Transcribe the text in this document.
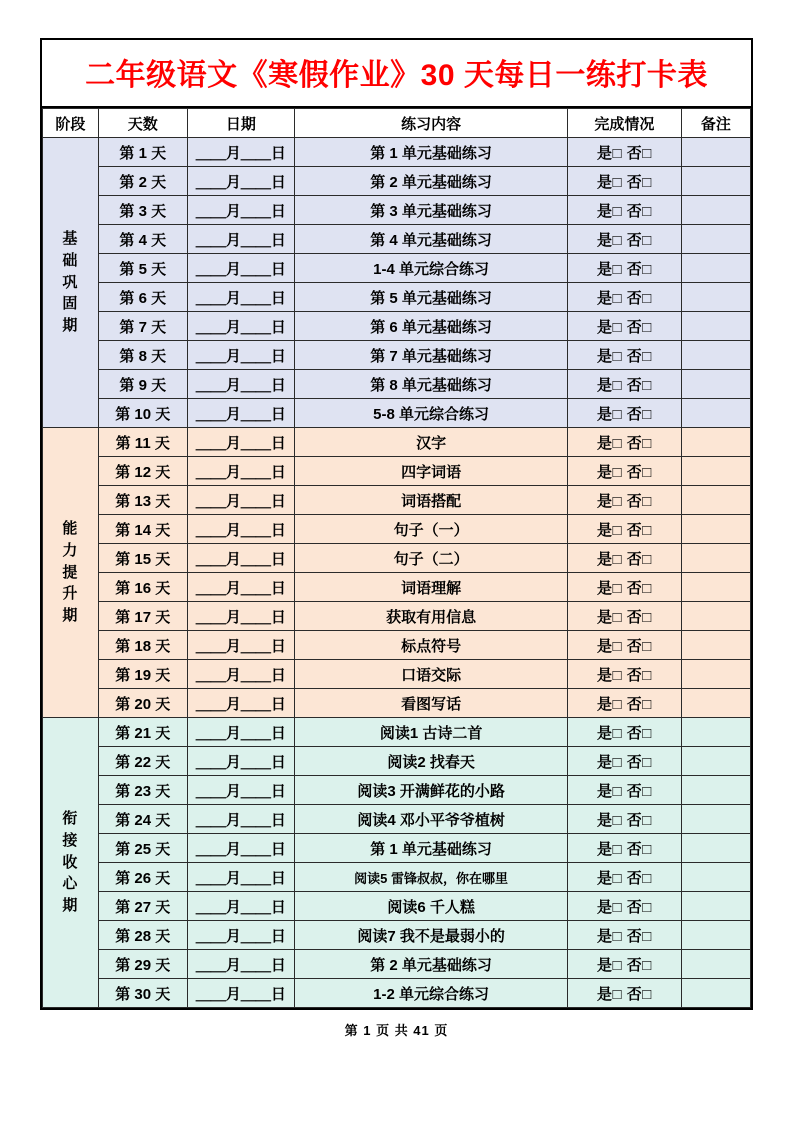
二年级语文《寒假作业》30 天每日一练打卡表
阶段	天数	日期	练习内容	完成情况	备注

基础巩固期	第 1 天	＿＿月＿＿日	第 1 单元基础练习	是□ 否□	
	第 2 天	＿＿月＿＿日	第 2 单元基础练习	是□ 否□	
	第 3 天	＿＿月＿＿日	第 3 单元基础练习	是□ 否□	
	第 4 天	＿＿月＿＿日	第 4 单元基础练习	是□ 否□	
	第 5 天	＿＿月＿＿日	1-4 单元综合练习	是□ 否□	
	第 6 天	＿＿月＿＿日	第 5 单元基础练习	是□ 否□	
	第 7 天	＿＿月＿＿日	第 6 单元基础练习	是□ 否□	
	第 8 天	＿＿月＿＿日	第 7 单元基础练习	是□ 否□	
	第 9 天	＿＿月＿＿日	第 8 单元基础练习	是□ 否□	
	第 10 天	＿＿月＿＿日	5-8 单元综合练习	是□ 否□	

能力提升期	第 11 天	＿＿月＿＿日	汉字	是□ 否□	
	第 12 天	＿＿月＿＿日	四字词语	是□ 否□	
	第 13 天	＿＿月＿＿日	词语搭配	是□ 否□	
	第 14 天	＿＿月＿＿日	句子（一）	是□ 否□	
	第 15 天	＿＿月＿＿日	句子（二）	是□ 否□	
	第 16 天	＿＿月＿＿日	词语理解	是□ 否□	
	第 17 天	＿＿月＿＿日	获取有用信息	是□ 否□	
	第 18 天	＿＿月＿＿日	标点符号	是□ 否□	
	第 19 天	＿＿月＿＿日	口语交际	是□ 否□	
	第 20 天	＿＿月＿＿日	看图写话	是□ 否□	

衔接收心期	第 21 天	＿＿月＿＿日	阅读1 古诗二首	是□ 否□	
	第 22 天	＿＿月＿＿日	阅读2 找春天	是□ 否□	
	第 23 天	＿＿月＿＿日	阅读3 开满鲜花的小路	是□ 否□	
	第 24 天	＿＿月＿＿日	阅读4 邓小平爷爷植树	是□ 否□	
	第 25 天	＿＿月＿＿日	第 1 单元基础练习	是□ 否□	
	第 26 天	＿＿月＿＿日	阅读5 雷锋叔叔，你在哪里	是□ 否□	
	第 27 天	＿＿月＿＿日	阅读6 千人糕	是□ 否□	
	第 28 天	＿＿月＿＿日	阅读7 我不是最弱小的	是□ 否□	
	第 29 天	＿＿月＿＿日	第 2 单元基础练习	是□ 否□	
	第 30 天	＿＿月＿＿日	1-2 单元综合练习	是□ 否□	
第 1 页 共 41 页
